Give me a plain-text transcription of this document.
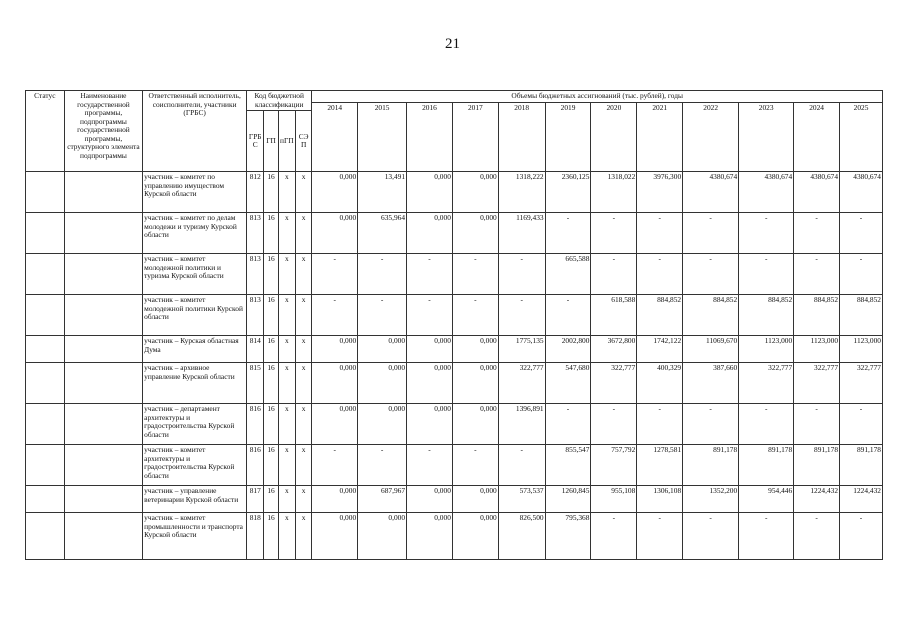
21
Статус	Наименование государственной программы, подпрограммы государственной программы, структурного элемента подпрограммы	Ответственный исполнитель, соисполнители, участники (ГРБС)	Код бюджетной классификации				Объемы бюджетных ассигнований (тыс. рублей), годы											
							2014	2015	2016	2017	2018	2019	2020	2021	2022	2023	2024	2025
			ГРБС	ГП	пГП	СЭП												
		участник – комитет по управлению имуществом Курской области	812	16	х	х	0,000	13,491	0,000	0,000	1318,222	2360,125	1318,022	3976,300	4380,674	4380,674	4380,674	4380,674
		участник – комитет по делам молодежи и туризму Курской области	813	16	х	х	0,000	635,964	0,000	0,000	1169,433	-	-	-	-	-	-	-
		участник – комитет молодежной политики и туризма Курской области	813	16	х	х	-	-	-	-	-	665,588	-	-	-	-	-	-
		участник – комитет молодежной политики Курской области	813	16	х	х	-	-	-	-	-	-	618,588	884,852	884,852	884,852	884,852	884,852
		участник – Курская областная Дума	814	16	х	х	0,000	0,000	0,000	0,000	1775,135	2002,800	3672,800	1742,122	11069,670	1123,000	1123,000	1123,000
		участник – архивное управление Курской области	815	16	х	х	0,000	0,000	0,000	0,000	322,777	547,680	322,777	400,329	387,660	322,777	322,777	322,777
		участник – департамент архитектуры и градостроительства Курской области	816	16	х	х	0,000	0,000	0,000	0,000	1396,891	-	-	-	-	-	-	-
		участник – комитет архитектуры и градостроительства Курской области	816	16	х	х	-	-	-	-	-	855,547	757,792	1278,581	891,178	891,178	891,178	891,178
		участник – управление ветеринарии Курской области	817	16	х	х	0,000	687,967	0,000	0,000	573,537	1260,845	955,108	1306,108	1352,200	954,446	1224,432	1224,432
		участник – комитет промышленности и транспорта Курской области	818	16	х	х	0,000	0,000	0,000	0,000	826,500	795,368	-	-	-	-	-	-
